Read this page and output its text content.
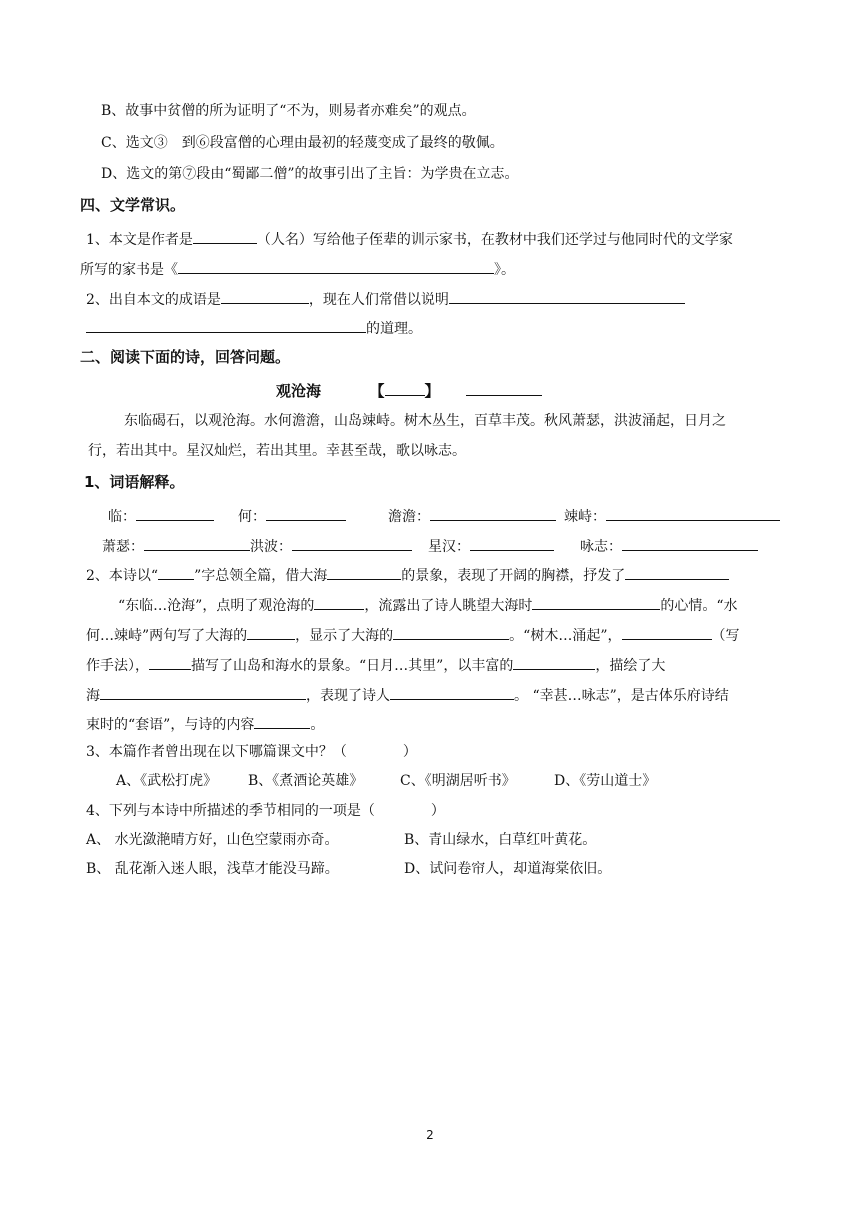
B、故事中贫僧的所为证明了“不为，则易者亦难矣”的观点。
C、选文③　到⑥段富僧的心理由最初的轻蔑变成了最终的敬佩。
D、选文的第⑦段由“蜀鄙二僧”的故事引出了主旨：为学贵在立志。
四、文学常识。
1、本文是作者是	（人名）写给他子侄辈的训示家书，在教材中我们还学过与他同时代的文学家
所写的家书是《	》。
2、出自本文的成语是	，现在人们常借以说明
的道理。
二、阅读下面的诗，回答问题。
观沧海	【	】
东临碣石，以观沧海。水何澹澹，山岛竦峙。树木丛生，百草丰茂。秋风萧瑟，洪波涌起，日月之
行，若出其中。星汉灿烂，若出其里。幸甚至哉，歌以咏志。
1、词语解释。
临：	何：	澹澹：	竦峙：
萧瑟：	洪波：	星汉：	咏志：
2、本诗以“	”字总领全篇，借大海	的景象，表现了开阔的胸襟，抒发了
“东临…沧海”，点明了观沧海的	，流露出了诗人眺望大海时	的心情。“水
何…竦峙”两句写了大海的	，显示了大海的	。“树木…涌起”，	（写
作手法），	描写了山岛和海水的景象。“日月…其里”，以丰富的	，描绘了大
海	，表现了诗人	。 “幸甚…咏志”，是古体乐府诗结
束时的“套语”，与诗的内容	。
3、本篇作者曾出现在以下哪篇课文中？（　　　　）
A、《武松打虎》 B、《煮酒论英雄》	C、《明湖居听书》	D、《劳山道士》
4、下列与本诗中所描述的季节相同的一项是（　　　　）
A、 水光潋滟晴方好，山色空蒙雨亦奇。	B、青山绿水，白草红叶黄花。
B、 乱花渐入迷人眼，浅草才能没马蹄。	D、试问卷帘人，却道海棠依旧。
2
